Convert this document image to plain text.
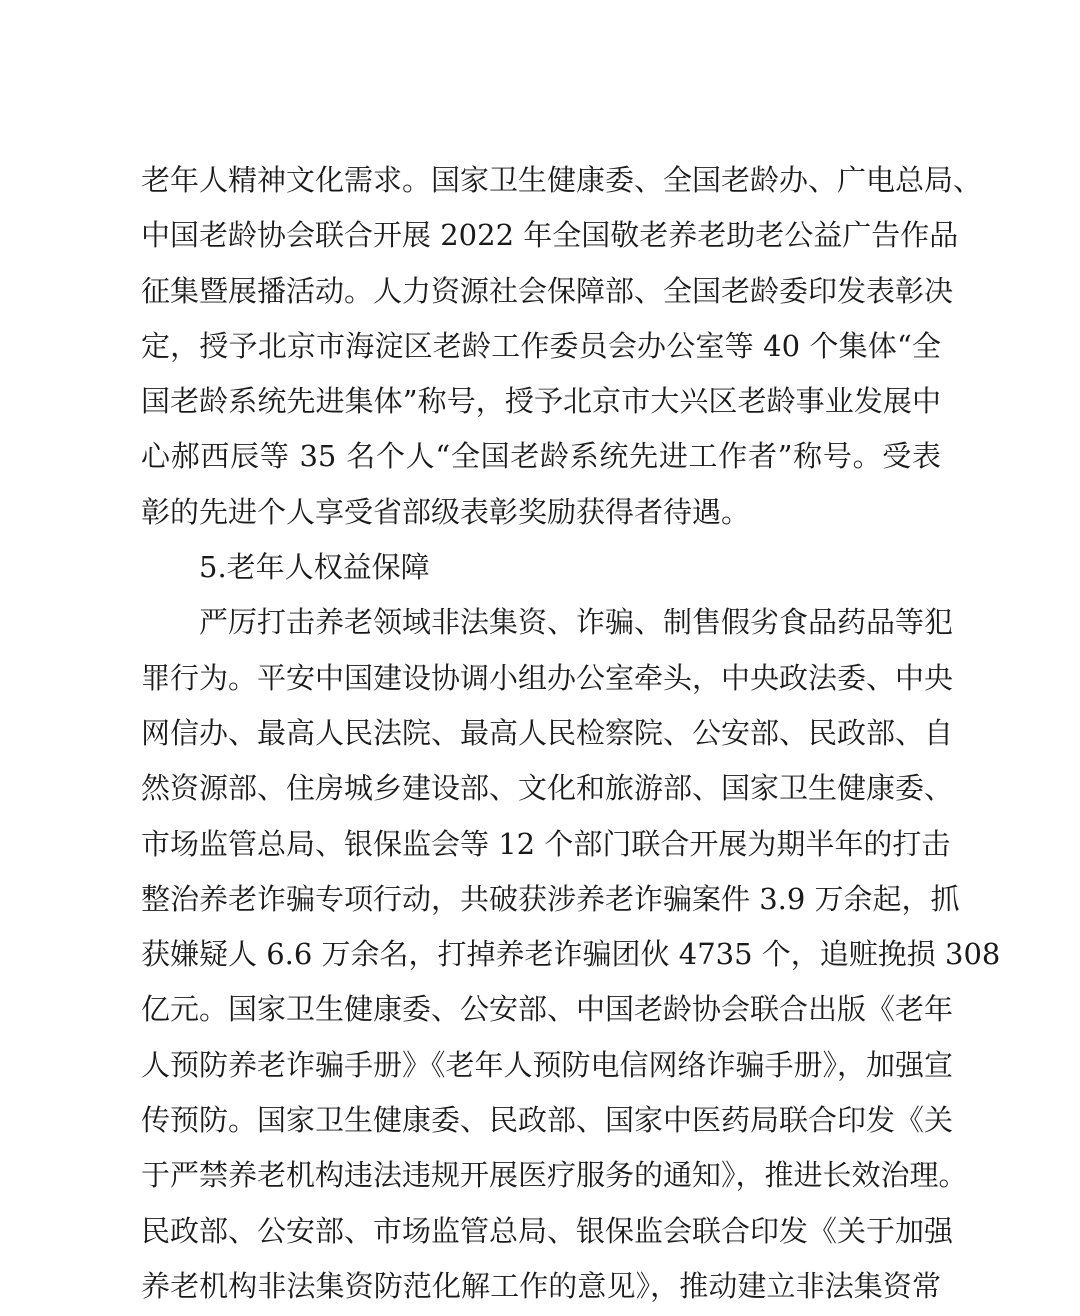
老年人精神文化需求。国家卫生健康委、全国老龄办、广电总局、
中国老龄协会联合开展 2022 年全国敬老养老助老公益广告作品
征集暨展播活动。人力资源社会保障部、全国老龄委印发表彰决
定，授予北京市海淀区老龄工作委员会办公室等 40 个集体“全
国老龄系统先进集体”称号，授予北京市大兴区老龄事业发展中
心郝西辰等 35 名个人“全国老龄系统先进工作者”称号。受表
彰的先进个人享受省部级表彰奖励获得者待遇。
5.老年人权益保障
严厉打击养老领域非法集资、诈骗、制售假劣食品药品等犯
罪行为。平安中国建设协调小组办公室牵头，中央政法委、中央
网信办、最高人民法院、最高人民检察院、公安部、民政部、自
然资源部、住房城乡建设部、文化和旅游部、国家卫生健康委、
市场监管总局、银保监会等 12 个部门联合开展为期半年的打击
整治养老诈骗专项行动，共破获涉养老诈骗案件 3.9 万余起，抓
获嫌疑人 6.6 万余名，打掉养老诈骗团伙 4735 个，追赃挽损 308
亿元。国家卫生健康委、公安部、中国老龄协会联合出版《老年
人预防养老诈骗手册》《老年人预防电信网络诈骗手册》，加强宣
传预防。国家卫生健康委、民政部、国家中医药局联合印发《关
于严禁养老机构违法违规开展医疗服务的通知》，推进长效治理。
民政部、公安部、市场监管总局、银保监会联合印发《关于加强
养老机构非法集资防范化解工作的意见》，推动建立非法集资常
